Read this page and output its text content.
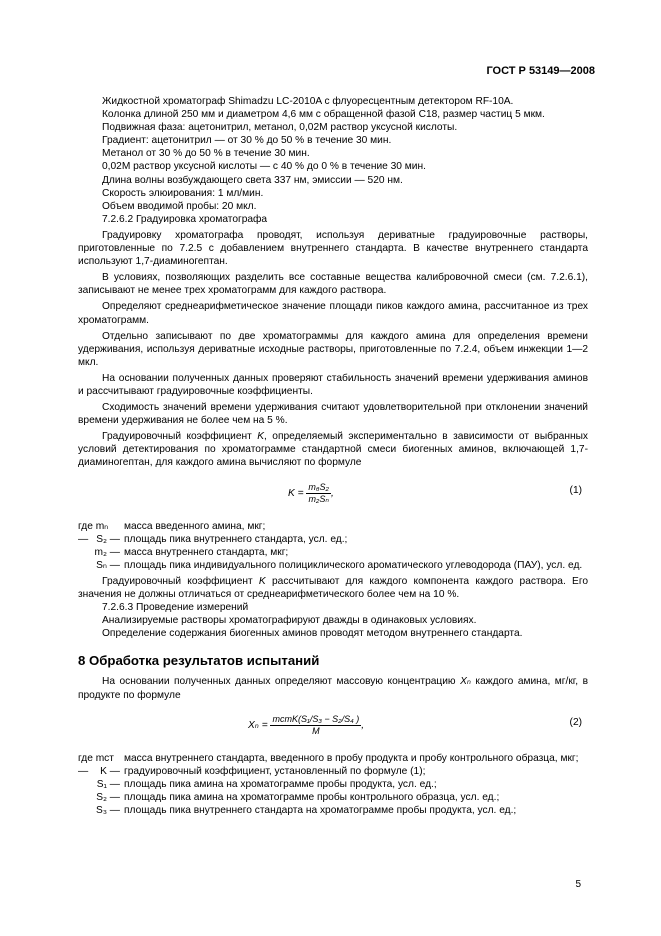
ГОСТ Р 53149—2008

Жидкостной хроматограф Shimadzu LC-2010A с флуоресцентным детектором RF-10A.

Колонка длиной 250 мм и диаметром 4,6 мм с обращенной фазой С18, размер частиц 5 мкм.

Подвижная фаза: ацетонитрил, метанол, 0,02М раствор уксусной кислоты.

Градиент: ацетонитрил — от 30 % до 50 % в течение 30 мин.

Метанол от 30 % до 50 % в течение 30 мин.

0,02М раствор уксусной кислоты — с 40 % до 0 % в течение 30 мин.

Длина волны возбуждающего света 337 нм, эмиссии — 520 нм.

Скорость элюирования: 1 мл/мин.

Объем вводимой пробы: 20 мкл.

7.2.6.2 Градуировка хроматографа

Градуировку хроматографа проводят, используя дериватные градуировочные растворы, приготовленные по 7.2.5 с добавлением внутреннего стандарта. В качестве внутреннего стандарта используют 1,7-диаминогептан.

В условиях, позволяющих разделить все составные вещества калибровочной смеси (см. 7.2.6.1), записывают не менее трех хроматограмм для каждого раствора.

Определяют среднеарифметическое значение площади пиков каждого амина, рассчитанное из трех хроматограмм.

Отдельно записывают по две хроматограммы для каждого амина для определения времени удерживания, используя дериватные исходные растворы, приготовленные по 7.2.4, объем инжекции 1—2 мкл.

На основании полученных данных проверяют стабильность значений времени удерживания аминов и рассчитывают градуировочные коэффициенты.

Сходимость значений времени удерживания считают удовлетворительной при отклонении значений времени удерживания не более чем на 5 %.

Градуировочный коэффициент K, определяемый экспериментально в зависимости от выбранных условий детектирования по хроматограмме стандартной смеси биогенных аминов, включающей 1,7-диаминогептан, для каждого амина вычисляют по формуле

$K = \frac{\text{m₆S₂}}{\text{m₂Sₙ}}$ ,	(1)
где mₙ —
масса введенного амина, мкг;
S₂ — площадь пика внутреннего стандарта, усл. ед.;
m₂ — масса внутреннего стандарта, мкг;
Sₙ — площадь пика индивидуального полициклического ароматического углеводорода (ПАУ), усл. ед.

Градуировочный коэффициент K рассчитывают для каждого компонента каждого раствора. Его значения не должны отличаться от среднеарифметического более чем на 10 %.

7.2.6.3 Проведение измерений

Анализируемые растворы хроматографируют дважды в одинаковых условиях.

Определение содержания биогенных аминов проводят методом внутреннего стандарта.

8 Обработка результатов испытаний

На основании полученных данных определяют массовую концентрацию Xₙ каждого амина, мг/кг, в продукте по формуле

$X_n = \frac{\text{mстK(S₁/S₃ − S₂/S₄ )}}{M}$ ,	(2)
где mст —
масса внутреннего стандарта, введенного в пробу продукта и пробу контрольного образца, мкг;
K — градуировочный коэффициент, установленный по формуле (1);
S₁ — площадь пика амина на хроматограмме пробы продукта, усл. ед.;
S₂ — площадь пика амина на хроматограмме пробы контрольного образца, усл. ед.;
S₃ — площадь пика внутреннего стандарта на хроматограмме пробы продукта, усл. ед.;
5
